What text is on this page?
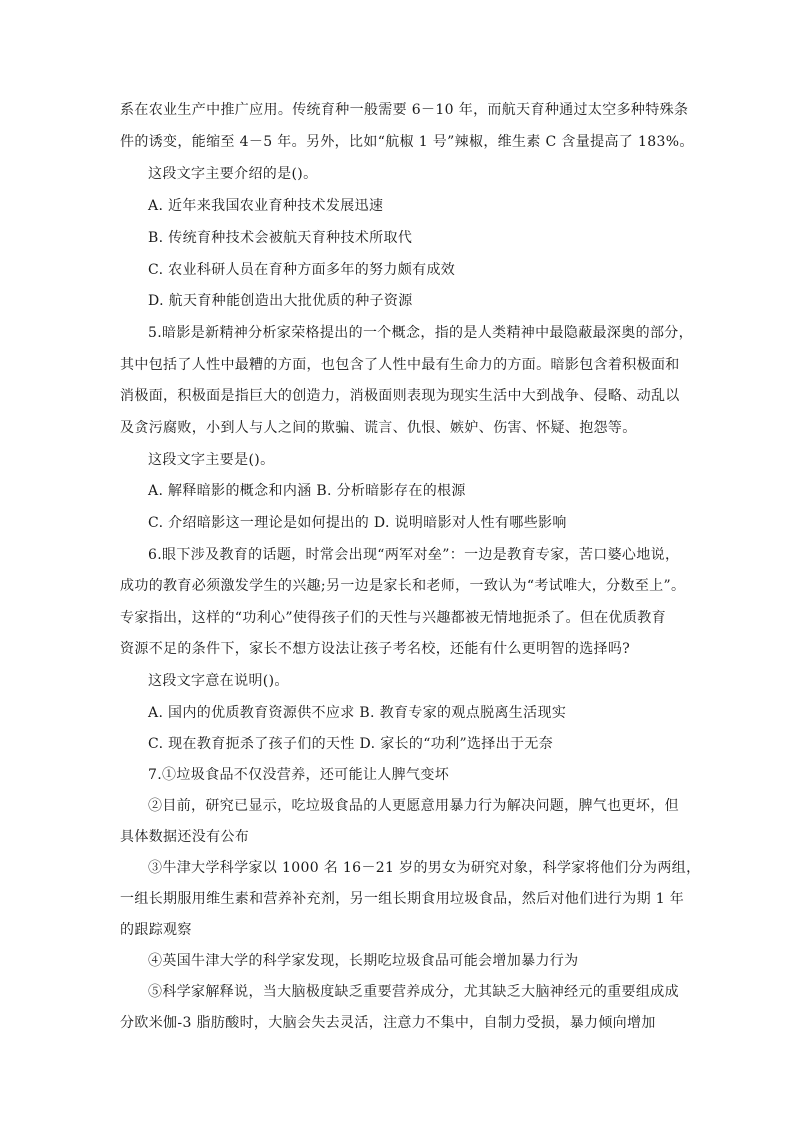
系在农业生产中推广应用。传统育种一般需要 6－10 年，而航天育种通过太空多种特殊条
件的诱变，能缩至 4－5 年。另外，比如“航椒 1 号”辣椒，维生素 C 含量提高了 183%。
这段文字主要介绍的是()。
A. 近年来我国农业育种技术发展迅速
B. 传统育种技术会被航天育种技术所取代
C. 农业科研人员在育种方面多年的努力颇有成效
D. 航天育种能创造出大批优质的种子资源
5.暗影是新精神分析家荣格提出的一个概念，指的是人类精神中最隐蔽最深奥的部分，
其中包括了人性中最糟的方面，也包含了人性中最有生命力的方面。暗影包含着积极面和
消极面，积极面是指巨大的创造力，消极面则表现为现实生活中大到战争、侵略、动乱以
及贪污腐败，小到人与人之间的欺骗、谎言、仇恨、嫉妒、伤害、怀疑、抱怨等。
这段文字主要是()。
A. 解释暗影的概念和内涵 B. 分析暗影存在的根源
C. 介绍暗影这一理论是如何提出的 D. 说明暗影对人性有哪些影响
6.眼下涉及教育的话题，时常会出现“两军对垒”：一边是教育专家，苦口婆心地说，
成功的教育必须激发学生的兴趣;另一边是家长和老师，一致认为“考试唯大，分数至上”。
专家指出，这样的“功利心”使得孩子们的天性与兴趣都被无情地扼杀了。但在优质教育
资源不足的条件下，家长不想方设法让孩子考名校，还能有什么更明智的选择吗?
这段文字意在说明()。
A. 国内的优质教育资源供不应求 B. 教育专家的观点脱离生活现实
C. 现在教育扼杀了孩子们的天性 D. 家长的“功利”选择出于无奈
7.①垃圾食品不仅没营养，还可能让人脾气变坏
②目前，研究已显示，吃垃圾食品的人更愿意用暴力行为解决问题，脾气也更坏，但
具体数据还没有公布
③牛津大学科学家以 1000 名 16－21 岁的男女为研究对象，科学家将他们分为两组，
一组长期服用维生素和营养补充剂，另一组长期食用垃圾食品，然后对他们进行为期 1 年
的跟踪观察
④英国牛津大学的科学家发现，长期吃垃圾食品可能会增加暴力行为
⑤科学家解释说，当大脑极度缺乏重要营养成分，尤其缺乏大脑神经元的重要组成成
分欧米伽-3 脂肪酸时，大脑会失去灵活，注意力不集中，自制力受损，暴力倾向增加
